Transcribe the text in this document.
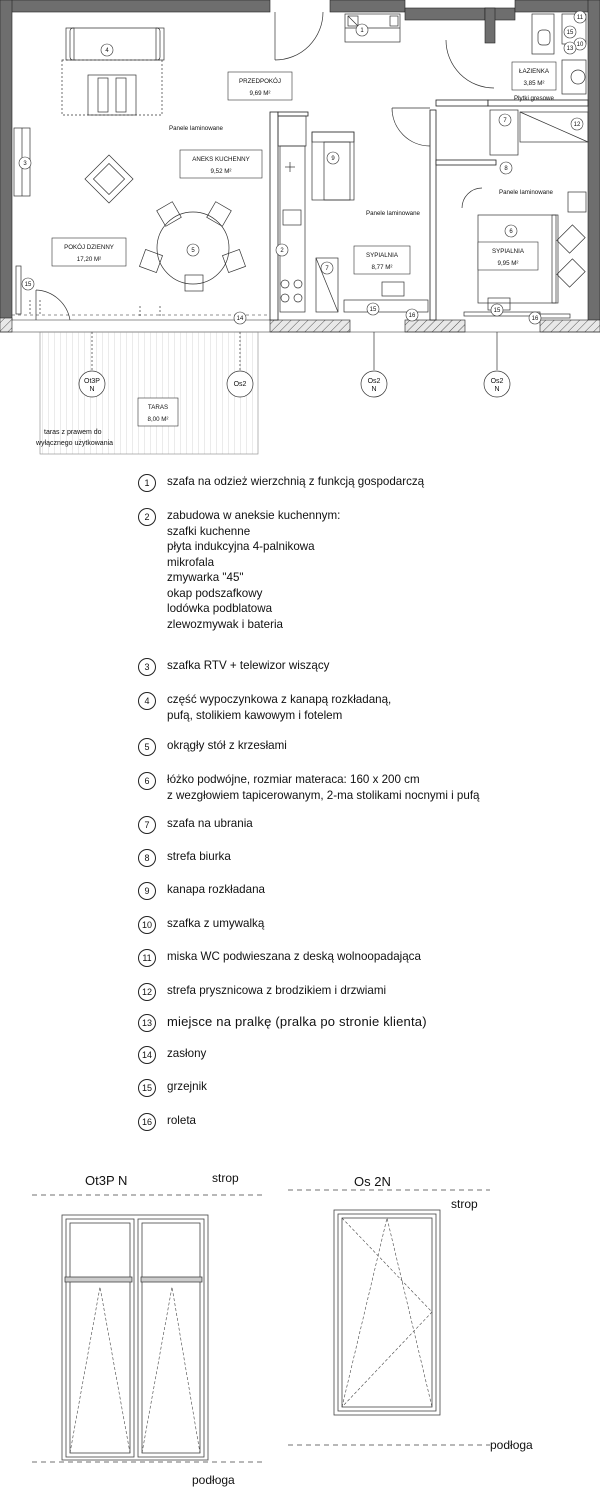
Ot3P
N
Os2	Os2
N
Os2
N
PRZEDPOKÓJ
9,69 M²
ANEKS KUCHENNY
9,52 M²
POKÓJ DZIENNY
17,20 M²
SYPIALNIA
8,77 M²
SYPIALNIA
9,95 M²
ŁAZIENKA
3,85 M²
TARAS
8,00 M²
Panele laminowane
Panele laminowane
Panele laminowane
Płytki gresowe
taras z prawem do
wyłącznego użytkowania
1
2
3
4
5
6
7
7
8
9
10
11
12
13
14
15
15	15
15
16	16
1	szafa na odzież wierzchnią z funkcją gospodarczą
2	zabudowa w aneksie kuchennym:
szafki kuchenne
płyta indukcyjna 4-palnikowa
mikrofala
zmywarka "45"
okap podszafkowy
lodówka podblatowa
zlewozmywak i bateria
3	szafka RTV + telewizor wiszący
4	część wypoczynkowa z kanapą rozkładaną,
pufą, stolikiem kawowym i fotelem
5	okrągły stół z krzesłami
6	łóżko podwójne, rozmiar materaca: 160 x 200 cm
z wezgłowiem tapicerowanym, 2-ma stolikami nocnymi i pufą
7	szafa na ubrania
8	strefa biurka
9	kanapa rozkładana
10	szafka z umywalką
11	miska WC podwieszana z deską wolnoopadająca
12	strefa prysznicowa z brodzikiem i drzwiami
13	miejsce na pralkę (pralka po stronie klienta)
14	zasłony
15	grzejnik
16	roleta
Ot3P N	strop
podłoga
Os 2N
strop
podłoga
